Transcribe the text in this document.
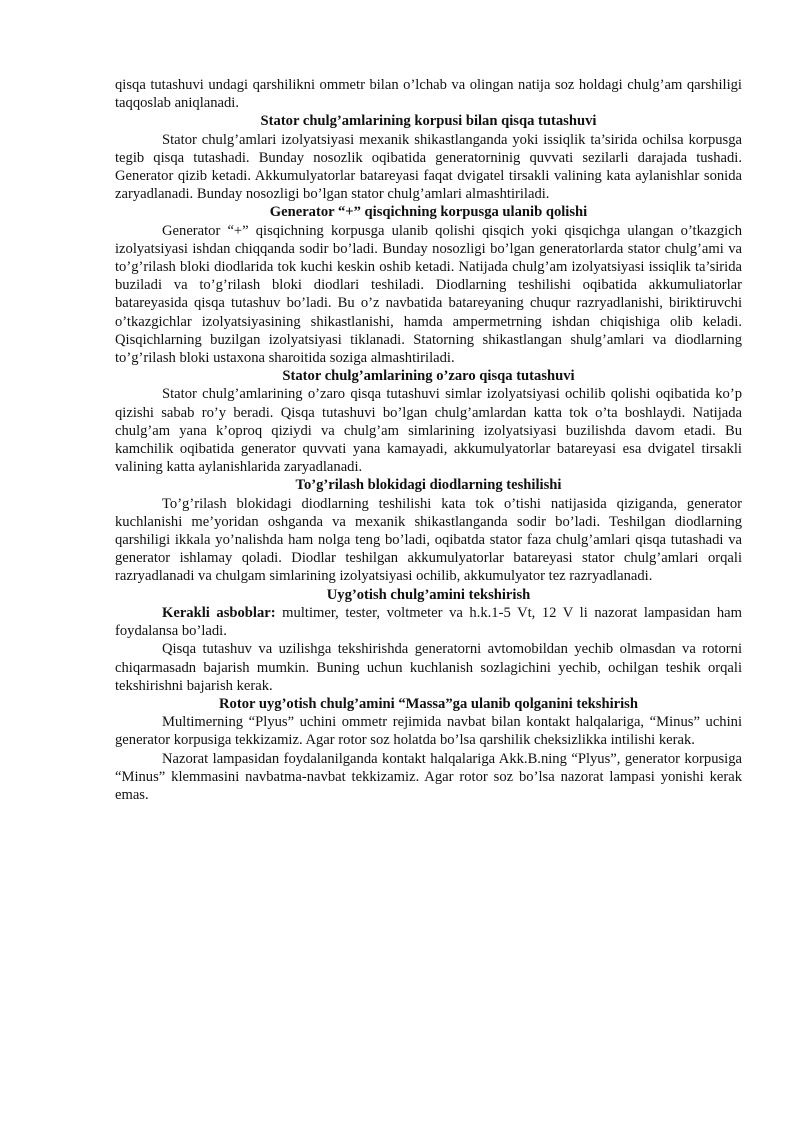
qisqa tutashuvi undagi qarshilikni ommetr bilan o’lchab va olingan natija soz holdagi chulg’am qarshiligi taqqoslab aniqlanadi.

Stator chulg’amlarining korpusi bilan qisqa tutashuvi

Stator chulg’amlari izolyatsiyasi mexanik shikastlanganda yoki issiqlik ta’sirida ochilsa korpusga tegib qisqa tutashadi. Bunday nosozlik oqibatida generatorninig quvvati sezilarli darajada tushadi. Generator qizib ketadi. Akkumulyatorlar batareyasi faqat dvigatel tirsakli valining kata aylanishlar sonida zaryadlanadi. Bunday nosozligi bo’lgan stator chulg’amlari almashtiriladi.

Generator “+” qisqichning korpusga ulanib qolishi

Generator “+” qisqichning korpusga ulanib qolishi qisqich yoki qisqichga ulangan o’tkazgich izolyatsiyasi ishdan chiqqanda sodir bo’ladi. Bunday nosozligi bo’lgan generatorlarda stator chulg’ami va to’g’rilash bloki diodlarida tok kuchi keskin oshib ketadi. Natijada chulg’am izolyatsiyasi issiqlik ta’sirida buziladi va to’g’rilash bloki diodlari teshiladi. Diodlarning teshilishi oqibatida akkumuliatorlar batareyasida qisqa tutashuv bo’ladi. Bu o’z navbatida batareyaning chuqur razryadlanishi, biriktiruvchi o’tkazgichlar izolyatsiyasining shikastlanishi, hamda ampermetrning ishdan chiqishiga olib keladi. Qisqichlarning buzilgan izolyatsiyasi tiklanadi. Statorning shikastlangan shulg’amlari va diodlarning to’g’rilash bloki ustaxona sharoitida soziga almashtiriladi.

Stator chulg’amlarining o’zaro qisqa tutashuvi

Stator chulg’amlarining o’zaro qisqa tutashuvi simlar izolyatsiyasi ochilib qolishi oqibatida ko’p qizishi sabab ro’y beradi. Qisqa tutashuvi bo’lgan chulg’amlardan katta tok o’ta boshlaydi. Natijada chulg’am yana k’oproq qiziydi va chulg’am simlarining izolyatsiyasi buzilishda davom etadi. Bu kamchilik oqibatida generator quvvati yana kamayadi, akkumulyatorlar batareyasi esa dvigatel tirsakli valining katta aylanishlarida zaryadlanadi.

To’g’rilash blokidagi diodlarning teshilishi

To’g’rilash blokidagi diodlarning teshilishi kata tok o’tishi natijasida qiziganda, generator kuchlanishi me’yoridan oshganda va mexanik shikastlanganda sodir bo’ladi. Teshilgan diodlarning qarshiligi ikkala yo’nalishda ham nolga teng bo’ladi, oqibatda stator faza chulg’amlari qisqa tutashadi va generator ishlamay qoladi. Diodlar teshilgan akkumulyatorlar batareyasi stator chulg’amlari orqali razryadlanadi va chulgam simlarining izolyatsiyasi ochilib, akkumulyator tez razryadlanadi.

Uyg’otish chulg’amini tekshirish

Kerakli asboblar: multimer, tester, voltmeter va h.k.1-5 Vt, 12 V li nazorat lampasidan ham foydalansa bo’ladi.

Qisqa tutashuv va uzilishga tekshirishda generatorni avtomobildan yechib olmasdan va rotorni chiqarmasadn bajarish mumkin. Buning uchun kuchlanish sozlagichini yechib, ochilgan teshik orqali tekshirishni bajarish kerak.

Rotor uyg’otish chulg’amini “Massa”ga ulanib qolganini tekshirish

Multimerning “Plyus” uchini ommetr rejimida navbat bilan kontakt halqalariga, “Minus” uchini generator korpusiga tekkizamiz. Agar rotor soz holatda bo’lsa qarshilik cheksizlikka intilishi kerak.

Nazorat lampasidan foydalanilganda kontakt halqalariga Akk.B.ning “Plyus”, generator korpusiga “Minus” klemmasini navbatma-navbat tekkizamiz. Agar rotor soz bo’lsa nazorat lampasi yonishi kerak emas.
